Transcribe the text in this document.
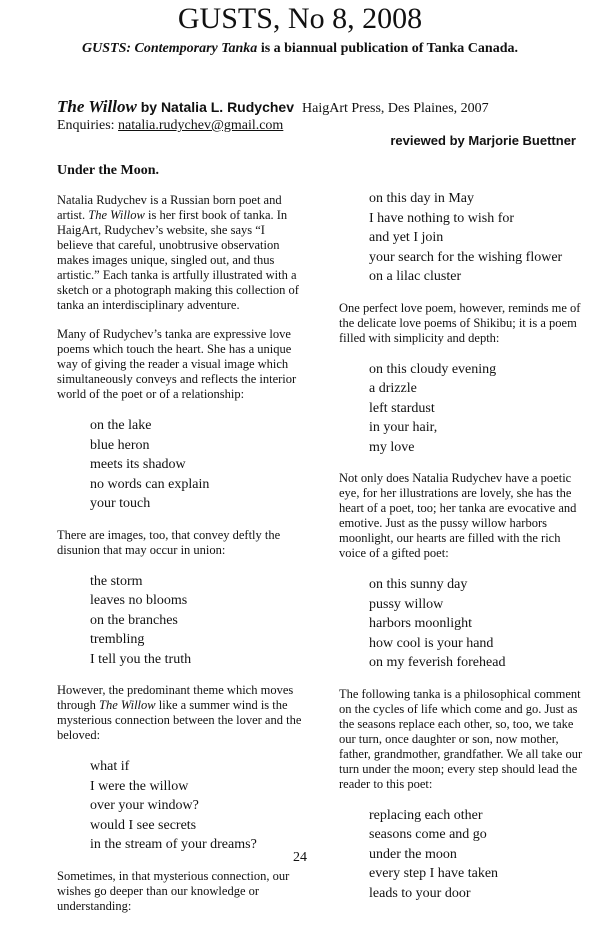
GUSTS, No 8, 2008
GUSTS: Contemporary Tanka is a biannual publication of Tanka Canada.
The Willow by Natalia L. Rudychev HaigArt Press, Des Plaines, 2007
Enquiries: natalia.rudychev@gmail.com
reviewed by Marjorie Buettner
Under the Moon.

Natalia Rudychev is a Russian born poet and artist. The Willow is her first book of tanka. In HaigArt, Rudychev’s website, she says “I believe that careful, unobtrusive observation makes images unique, singled out, and thus artistic.” Each tanka is artfully illustrated with a sketch or a photograph making this collection of tanka an interdisciplinary adventure.

Many of Rudychev’s tanka are expressive love poems which touch the heart. She has a unique way of giving the reader a visual image which simultaneously conveys and reflects the interior world of the poet or of a relationship:

on the lake
blue heron
meets its shadow
no words can explain
your touch

There are images, too, that convey deftly the disunion that may occur in union:

the storm
leaves no blooms
on the branches
trembling
I tell you the truth

However, the predominant theme which moves through The Willow like a summer wind is the mysterious connection between the lover and the beloved:

what if
I were the willow
over your window?
would I see secrets
in the stream of your dreams?

Sometimes, in that mysterious connection, our wishes go deeper than our knowledge or understanding:

on this day in May
I have nothing to wish for
and yet I join
your search for the wishing flower
on a lilac cluster

One perfect love poem, however, reminds me of the delicate love poems of Shikibu; it is a poem filled with simplicity and depth:

on this cloudy evening
a drizzle
left stardust
in your hair,
my love

Not only does Natalia Rudychev have a poetic eye, for her illustrations are lovely, she has the heart of a poet, too; her tanka are evocative and emotive. Just as the pussy willow harbors moonlight, our hearts are filled with the rich voice of a gifted poet:

on this sunny day
pussy willow
harbors moonlight
how cool is your hand
on my feverish forehead

The following tanka is a philosophical comment on the cycles of life which come and go. Just as the seasons replace each other, so, too, we take our turn, once daughter or son, now mother, father, grandmother, grandfather. We all take our turn under the moon; every step should lead the reader to this poet:

replacing each other
seasons come and go
under the moon
every step I have taken
leads to your door
24
